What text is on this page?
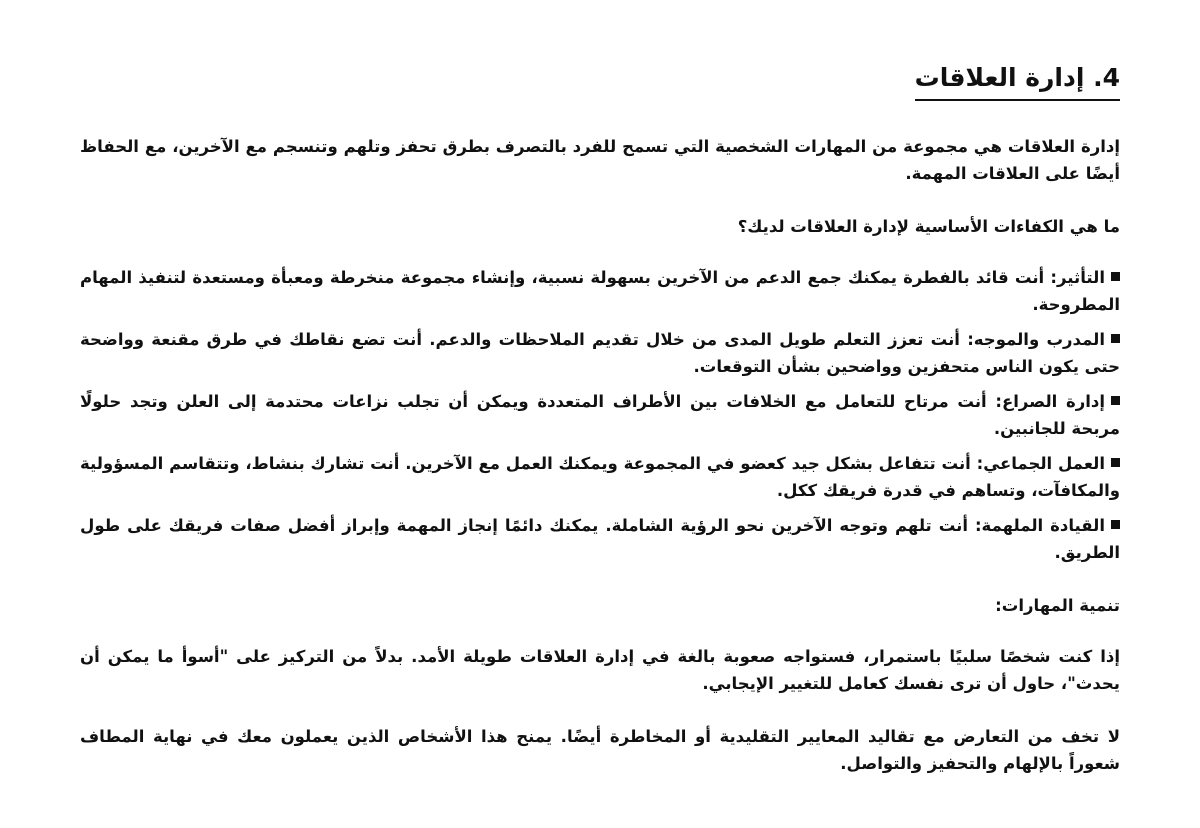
4. إدارة العلاقات

إدارة العلاقات هي مجموعة من المهارات الشخصية التي تسمح للفرد بالتصرف بطرق تحفز وتلهم وتنسجم مع الآخرين، مع الحفاظ أيضًا على العلاقات المهمة.

ما هي الكفاءات الأساسية لإدارة العلاقات لديك؟

التأثير: أنت قائد بالفطرة يمكنك جمع الدعم من الآخرين بسهولة نسبية، وإنشاء مجموعة منخرطة ومعبأة ومستعدة لتنفيذ المهام المطروحة.
المدرب والموجه: أنت تعزز التعلم طويل المدى من خلال تقديم الملاحظات والدعم. أنت تضع نقاطك في طرق مقنعة وواضحة حتى يكون الناس متحفزين وواضحين بشأن التوقعات.
إدارة الصراع: أنت مرتاح للتعامل مع الخلافات بين الأطراف المتعددة ويمكن أن تجلب نزاعات محتدمة إلى العلن وتجد حلولًا مربحة للجانبين.
العمل الجماعي: أنت تتفاعل بشكل جيد كعضو في المجموعة ويمكنك العمل مع الآخرين. أنت تشارك بنشاط، وتتقاسم المسؤولية والمكافآت، وتساهم في قدرة فريقك ككل.
القيادة الملهمة: أنت تلهم وتوجه الآخرين نحو الرؤية الشاملة. يمكنك دائمًا إنجاز المهمة وإبراز أفضل صفات فريقك على طول الطريق.

تنمية المهارات:

إذا كنت شخصًا سلبيًا باستمرار، فستواجه صعوبة بالغة في إدارة العلاقات طويلة الأمد. بدلاً من التركيز على "أسوأ ما يمكن أن يحدث"، حاول أن ترى نفسك كعامل للتغيير الإيجابي.

لا تخف من التعارض مع تقاليد المعايير التقليدية أو المخاطرة أيضًا. يمنح هذا الأشخاص الذين يعملون معك في نهاية المطاف شعوراً بالإلهام والتحفيز والتواصل.
